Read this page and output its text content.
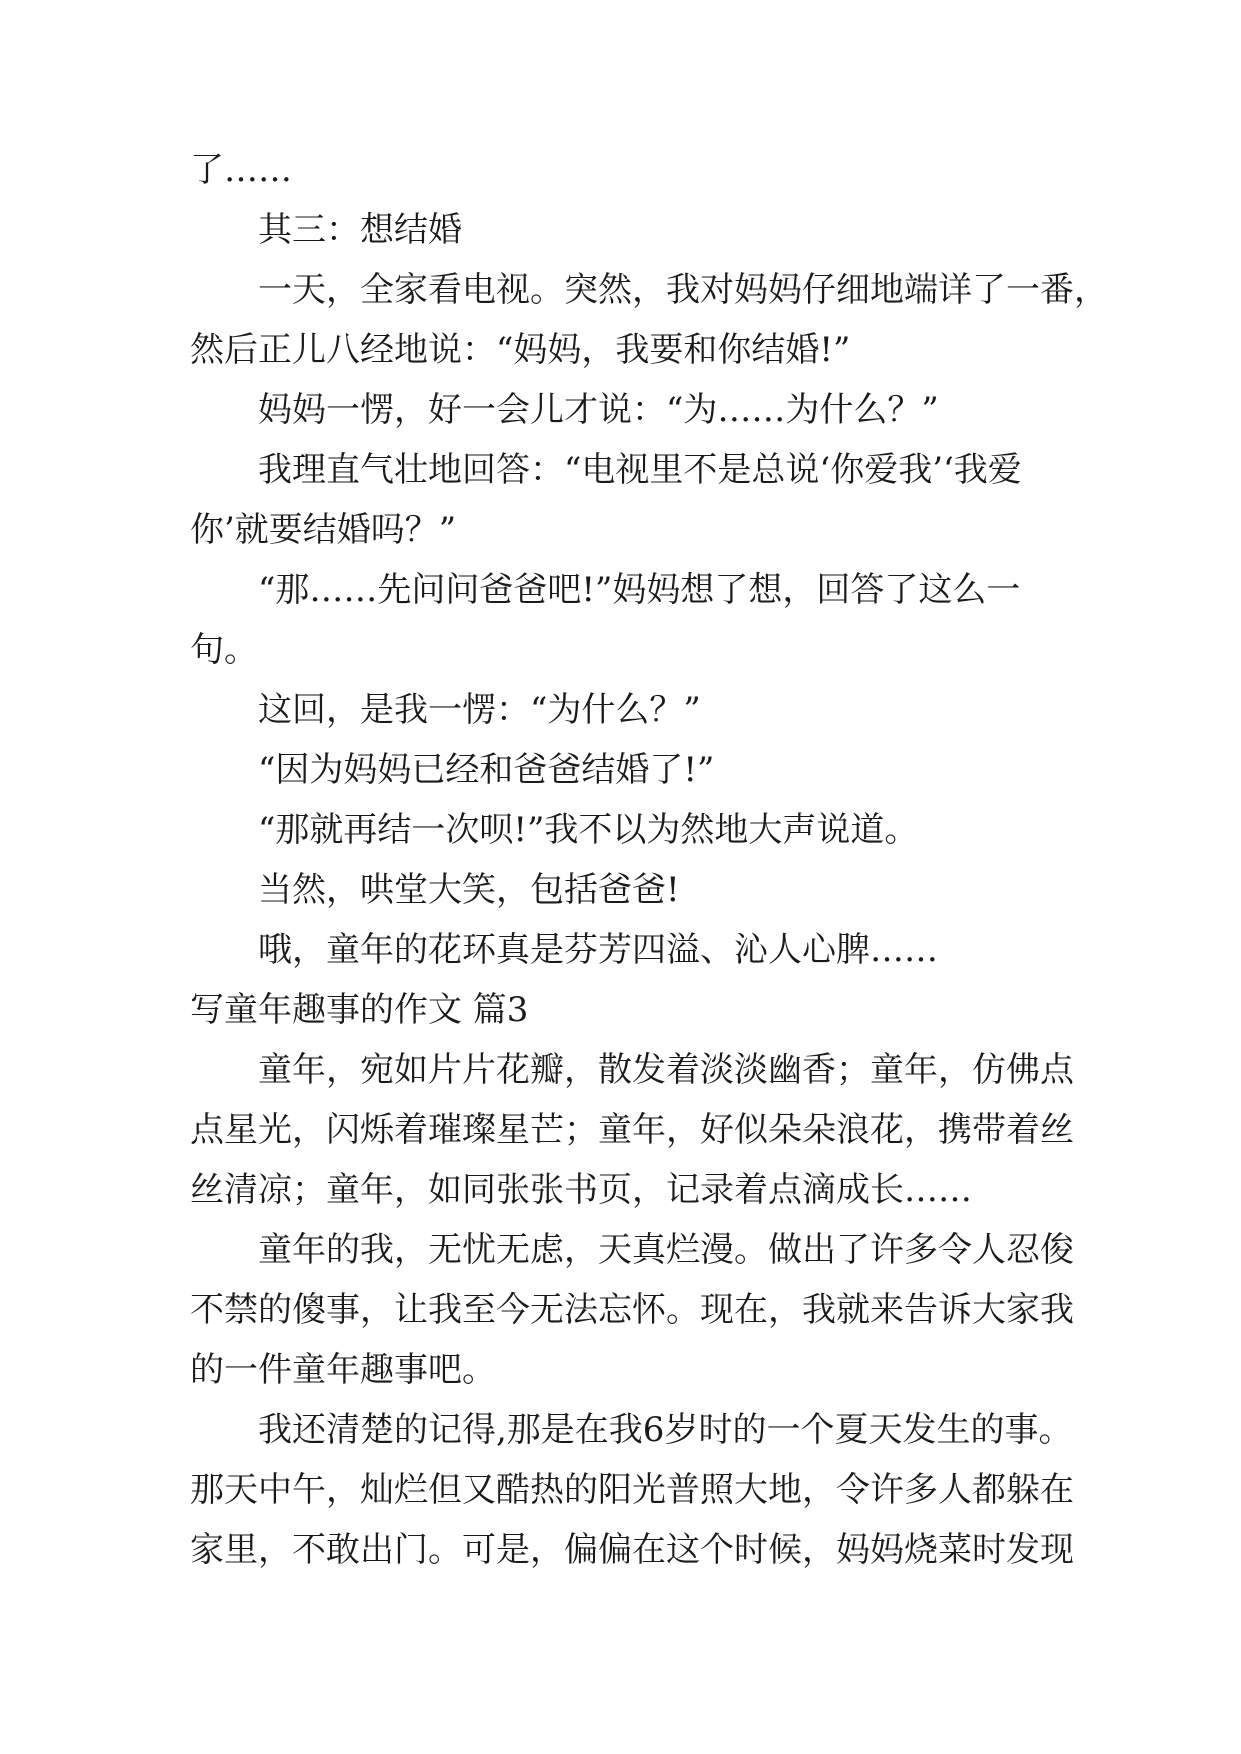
了……
其三：想结婚
一天，全家看电视。突然，我对妈妈仔细地端详了一番，
然后正儿八经地说：“妈妈，我要和你结婚!”
妈妈一愣，好一会儿才说：“为……为什么？”
我理直气壮地回答：“电视里不是总说‘你爱我’‘我爱
你’就要结婚吗？”
“那……先问问爸爸吧!”妈妈想了想，回答了这么一
句。
这回，是我一愣：“为什么？”
“因为妈妈已经和爸爸结婚了!”
“那就再结一次呗!”我不以为然地大声说道。
当然，哄堂大笑，包括爸爸!
哦，童年的花环真是芬芳四溢、沁人心脾……
写童年趣事的作文 篇3
童年，宛如片片花瓣，散发着淡淡幽香；童年，仿佛点
点星光，闪烁着璀璨星芒；童年，好似朵朵浪花，携带着丝
丝清凉；童年，如同张张书页，记录着点滴成长……
童年的我，无忧无虑，天真烂漫。做出了许多令人忍俊
不禁的傻事，让我至今无法忘怀。现在，我就来告诉大家我
的一件童年趣事吧。
我还清楚的记得,那是在我6岁时的一个夏天发生的事。
那天中午，灿烂但又酷热的阳光普照大地，令许多人都躲在
家里，不敢出门。可是，偏偏在这个时候，妈妈烧菜时发现
